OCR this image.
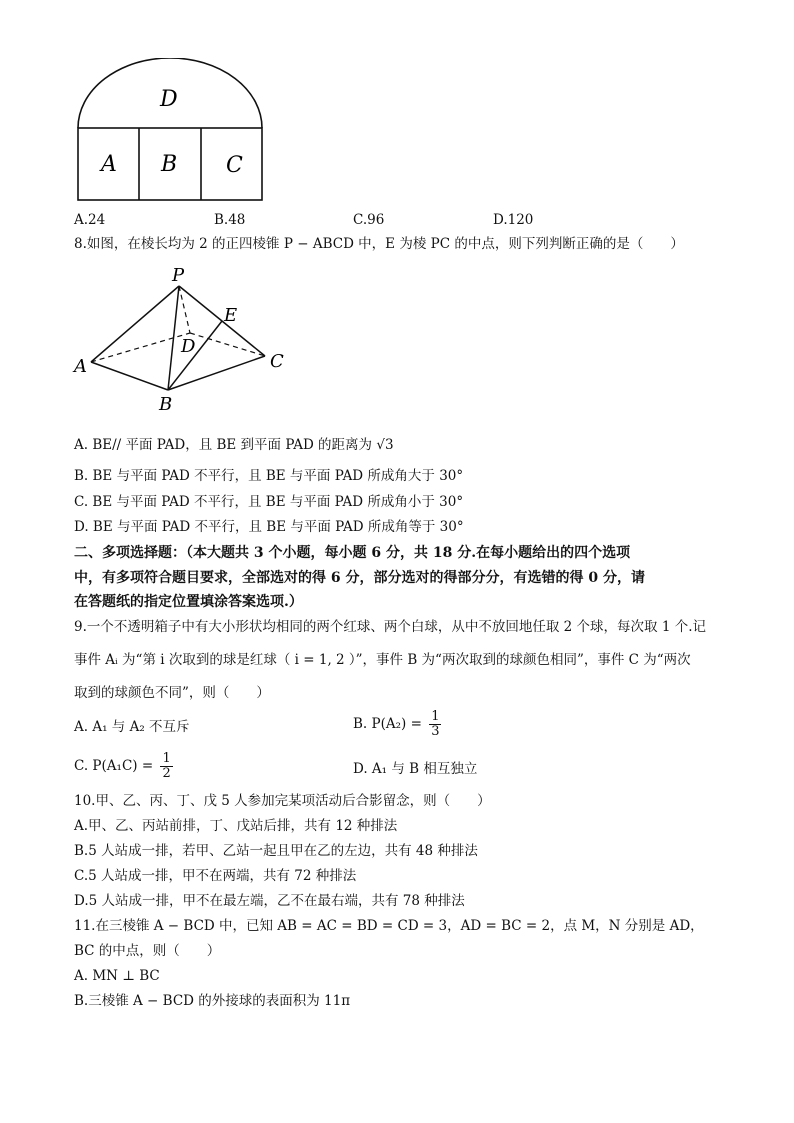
D
A B C
A.24	B.48	C.96	D.120
8.如图，在棱长均为 2 的正四棱锥 P − ABCD 中，E 为棱 PC 的中点，则下列判断正确的是（　　）
P
E
D
A	C
B
A. BE// 平面 PAD，且 BE 到平面 PAD 的距离为 √3
B. BE 与平面 PAD 不平行，且 BE 与平面 PAD 所成角大于 30°
C. BE 与平面 PAD 不平行，且 BE 与平面 PAD 所成角小于 30°
D. BE 与平面 PAD 不平行，且 BE 与平面 PAD 所成角等于 30°
二、多项选择题：（本大题共 3 个小题，每小题 6 分，共 18 分.在每小题给出的四个选项
中，有多项符合题目要求，全部选对的得 6 分，部分选对的得部分分，有选错的得 0 分，请
在答题纸的指定位置填涂答案选项.）
9.一个不透明箱子中有大小形状均相同的两个红球、两个白球，从中不放回地任取 2 个球，每次取 1 个.记
事件 Aᵢ 为“第 i 次取到的球是红球（ i = 1, 2 ）”，事件 B 为“两次取到的球颜色相同”，事件 C 为“两次
取到的球颜色不同”，则（　　）
A. A₁ 与 A₂ 不互斥	B. $P(A_2) = \frac{1}{3}$
C. $P(A_1C) = \frac{1}{2}$	D. A₁ 与 B 相互独立
10.甲、乙、丙、丁、戊 5 人参加完某项活动后合影留念，则（　　）
A.甲、乙、丙站前排，丁、戊站后排，共有 12 种排法
B.5 人站成一排，若甲、乙站一起且甲在乙的左边，共有 48 种排法
C.5 人站成一排，甲不在两端，共有 72 种排法
D.5 人站成一排，甲不在最左端，乙不在最右端，共有 78 种排法
11.在三棱锥 A − BCD 中，已知 AB = AC = BD = CD = 3，AD = BC = 2，点 M，N 分别是 AD，
BC 的中点，则（　　）
A. MN ⊥ BC
B.三棱锥 A − BCD 的外接球的表面积为 11π
